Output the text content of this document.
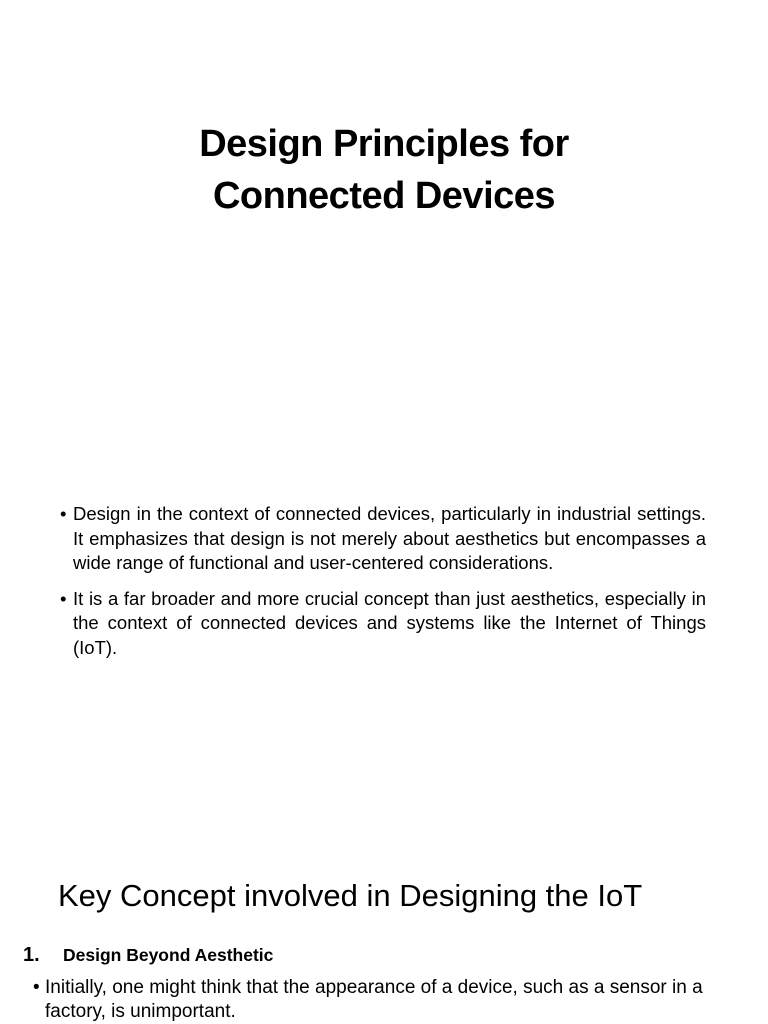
Design Principles for
Connected Devices
• Design in the context of connected devices, particularly in industrial settings. It emphasizes that design is not merely about aesthetics but encompasses a wide range of functional and user-centered considerations.
• It is a far broader and more crucial concept than just aesthetics, especially in the context of connected devices and systems like the Internet of Things (IoT).
Key Concept involved in Designing the IoT
1. Design Beyond Aesthetic
• Initially, one might think that the appearance of a device, such as a sensor in a factory, is unimportant.
